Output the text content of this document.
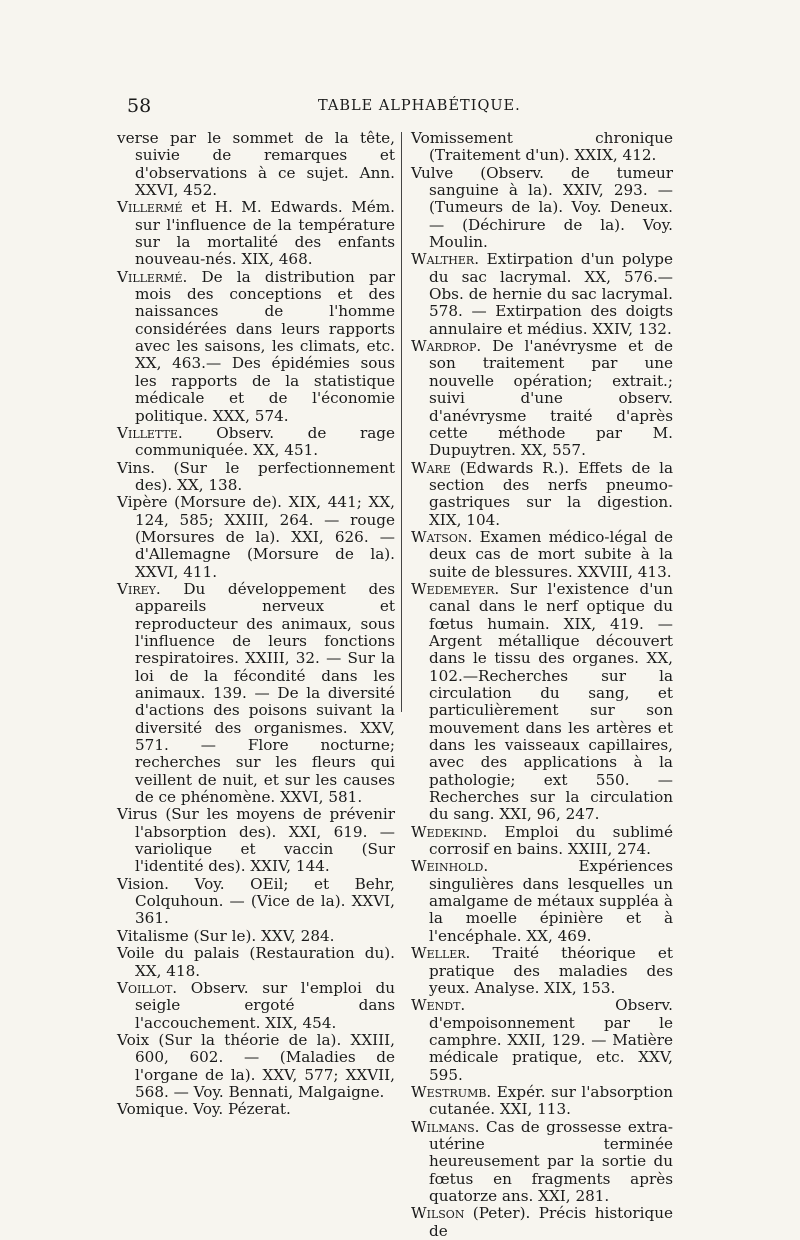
58	TABLE ALPHABÉTIQUE.

verse par le sommet de la tête, suivie de remarques et d'observations à ce sujet. Ann. XXVI, 452.

Villermé et H. M. Edwards. Mém. sur l'influence de la température sur la mortalité des enfants nouveau-nés. XIX, 468.

Villermé. De la distribution par mois des conceptions et des naissances de l'homme considérées dans leurs rapports avec les saisons, les climats, etc. XX, 463.— Des épidémies sous les rapports de la statistique médicale et de l'économie politique. XXX, 574.

Villette. Observ. de rage communiquée. XX, 451.

Vins. (Sur le perfectionnement des). XX, 138.

Vipère (Morsure de). XIX, 441; XX, 124, 585; XXIII, 264. — rouge (Morsures de la). XXI, 626. — d'Allemagne (Morsure de la). XXVI, 411.

Virey. Du développement des appareils nerveux et reproducteur des animaux, sous l'influence de leurs fonctions respiratoires. XXIII, 32. — Sur la loi de la fécondité dans les animaux. 139. — De la diversité d'actions des poisons suivant la diversité des organismes. XXV, 571. — Flore nocturne; recherches sur les fleurs qui veillent de nuit, et sur les causes de ce phénomène. XXVI, 581.

Virus (Sur les moyens de prévenir l'absorption des). XXI, 619. — variolique et vaccin (Sur l'identité des). XXIV, 144.

Vision. Voy. OEil; et Behr, Colquhoun. — (Vice de la). XXVI, 361.

Vitalisme (Sur le). XXV, 284.

Voile du palais (Restauration du). XX, 418.

Voillot. Observ. sur l'emploi du seigle ergoté dans l'accouchement. XIX, 454.

Voix (Sur la théorie de la). XXIII, 600, 602. — (Maladies de l'organe de la). XXV, 577; XXVII, 568. — Voy. Bennati, Malgaigne.

Vomique. Voy. Pézerat.

Vomissement chronique (Traitement d'un). XXIX, 412.

Vulve (Observ. de tumeur sanguine à la). XXIV, 293. — (Tumeurs de la). Voy. Deneux. — (Déchirure de la). Voy. Moulin.

Walther. Extirpation d'un polype du sac lacrymal. XX, 576.—Obs. de hernie du sac lacrymal. 578. — Extirpation des doigts annulaire et médius. XXIV, 132.

Wardrop. De l'anévrysme et de son traitement par une nouvelle opération; extrait.; suivi d'une observ. d'anévrysme traité d'après cette méthode par M. Dupuytren. XX, 557.

Ware (Edwards R.). Effets de la section des nerfs pneumo-gastriques sur la digestion. XIX, 104.

Watson. Examen médico-légal de deux cas de mort subite à la suite de blessures. XXVIII, 413.

Wedemeyer. Sur l'existence d'un canal dans le nerf optique du fœtus humain. XIX, 419. — Argent métallique découvert dans le tissu des organes. XX, 102.—Recherches sur la circulation du sang, et particulièrement sur son mouvement dans les artères et dans les vaisseaux capillaires, avec des applications à la pathologie; ext 550. — Recherches sur la circulation du sang. XXI, 96, 247.

Wedekind. Emploi du sublimé corrosif en bains. XXIII, 274.

Weinhold. Expériences singulières dans lesquelles un amalgame de métaux suppléa à la moelle épinière et à l'encéphale. XX, 469.

Weller. Traité théorique et pratique des maladies des yeux. Analyse. XIX, 153.

Wendt. Observ. d'empoisonnement par le camphre. XXII, 129. — Matière médicale pratique, etc. XXV, 595.

Westrumb. Expér. sur l'absorption cutanée. XXI, 113.

Wilmans. Cas de grossesse extra-utérine terminée heureusement par la sortie du fœtus en fragments après quatorze ans. XXI, 281.

Wilson (Peter). Précis historique de
